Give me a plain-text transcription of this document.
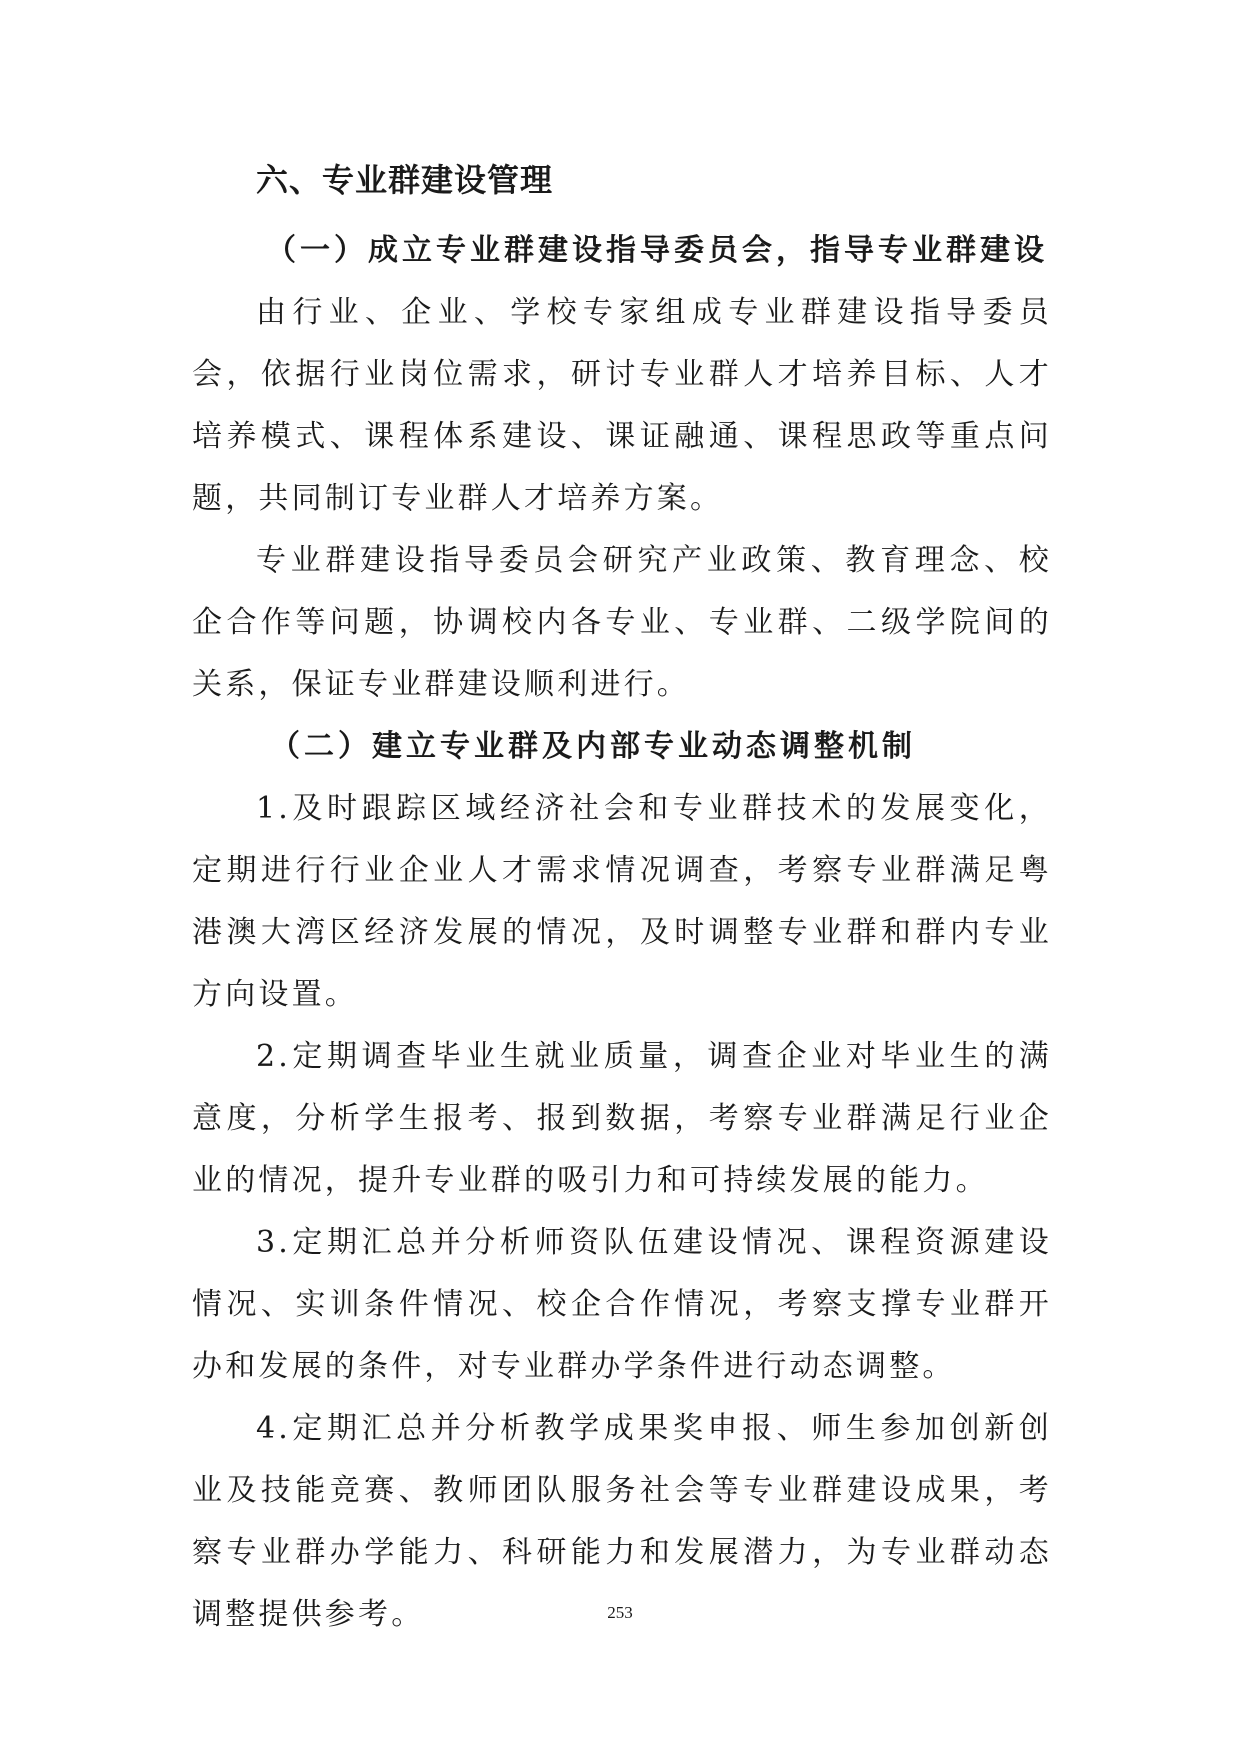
六、专业群建设管理
（一）成立专业群建设指导委员会，指导专业群建设

由行业、企业、学校专家组成专业群建设指导委员会，依据行业岗位需求，研讨专业群人才培养目标、人才培养模式、课程体系建设、课证融通、课程思政等重点问题，共同制订专业群人才培养方案。

专业群建设指导委员会研究产业政策、教育理念、校企合作等问题，协调校内各专业、专业群、二级学院间的关系，保证专业群建设顺利进行。

（二）建立专业群及内部专业动态调整机制

1.及时跟踪区域经济社会和专业群技术的发展变化，定期进行行业企业人才需求情况调查，考察专业群满足粤港澳大湾区经济发展的情况，及时调整专业群和群内专业方向设置。

2.定期调查毕业生就业质量，调查企业对毕业生的满意度，分析学生报考、报到数据，考察专业群满足行业企业的情况，提升专业群的吸引力和可持续发展的能力。

3.定期汇总并分析师资队伍建设情况、课程资源建设情况、实训条件情况、校企合作情况，考察支撑专业群开办和发展的条件，对专业群办学条件进行动态调整。

4.定期汇总并分析教学成果奖申报、师生参加创新创业及技能竞赛、教师团队服务社会等专业群建设成果，考察专业群办学能力、科研能力和发展潜力，为专业群动态调整提供参考。	253
